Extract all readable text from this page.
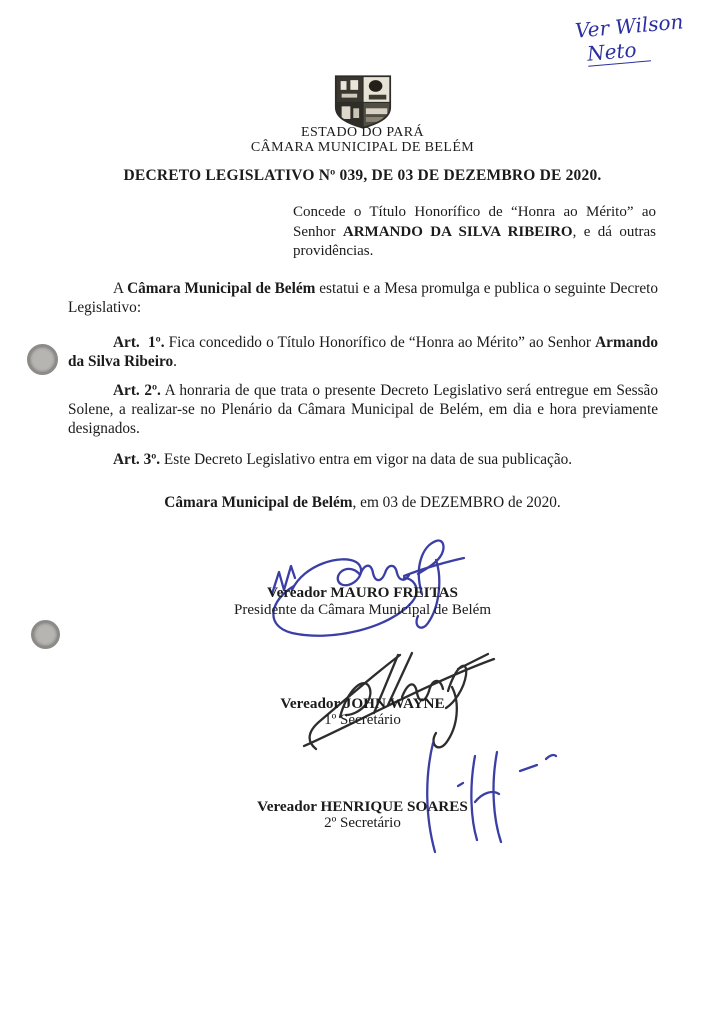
Ver Wilson
Neto
ESTADO DO PARÁ
CÂMARA MUNICIPAL DE BELÉM
DECRETO LEGISLATIVO Nº 039, DE 03 DE DEZEMBRO DE 2020.

Concede o Título Honorífico de “Honra ao Mérito” ao Senhor ARMANDO DA SILVA RIBEIRO, e dá outras providências.

A Câmara Municipal de Belém estatui e a Mesa promulga e publica o seguinte Decreto Legislativo:

Art.  1º. Fica concedido o Título Honorífico de “Honra ao Mérito” ao Senhor Armando da Silva Ribeiro.

Art. 2º. A honraria de que trata o presente Decreto Legislativo será entregue em Sessão Solene, a realizar-se no Plenário da Câmara Municipal de Belém, em dia e hora previamente designados.

Art. 3º. Este Decreto Legislativo entra em vigor na data de sua publicação.

Câmara Municipal de Belém, em 03 de DEZEMBRO de 2020.

Vereador MAURO FREITAS
Presidente da Câmara Municipal de Belém
Vereador JOHN WAYNE
1º Secretário
Vereador HENRIQUE SOARES
2º Secretário
